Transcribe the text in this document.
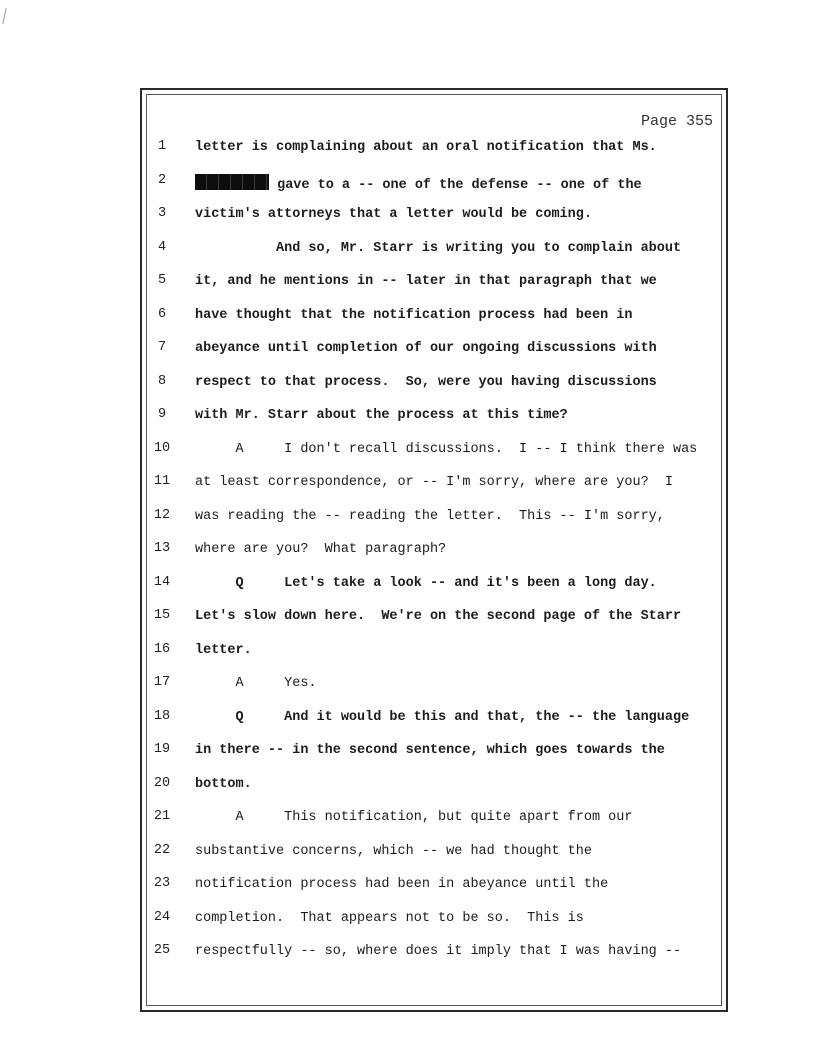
Page 355
1	letter is complaining about an oral notification that Ms.
2	gave to a -- one of the defense -- one of the
3	victim's attorneys that a letter would be coming.
4	And so, Mr. Starr is writing you to complain about
5	it, and he mentions in -- later in that paragraph that we
6	have thought that the notification process had been in
7	abeyance until completion of our ongoing discussions with
8	respect to that process.  So, were you having discussions
9	with Mr. Starr about the process at this time?
10 A     I don't recall discussions.  I -- I think there was
11 at least correspondence, or -- I'm sorry, where are you?  I
12 was reading the -- reading the letter.  This -- I'm sorry,
13 where are you?  What paragraph?
14 Q     Let's take a look -- and it's been a long day.
15 Let's slow down here.  We're on the second page of the Starr
16 letter.
17 A     Yes.
18 Q     And it would be this and that, the -- the language
19 in there -- in the second sentence, which goes towards the
20 bottom.
21 A     This notification, but quite apart from our
22 substantive concerns, which -- we had thought the
23 notification process had been in abeyance until the
24 completion.  That appears not to be so.  This is
25 respectfully -- so, where does it imply that I was having --
